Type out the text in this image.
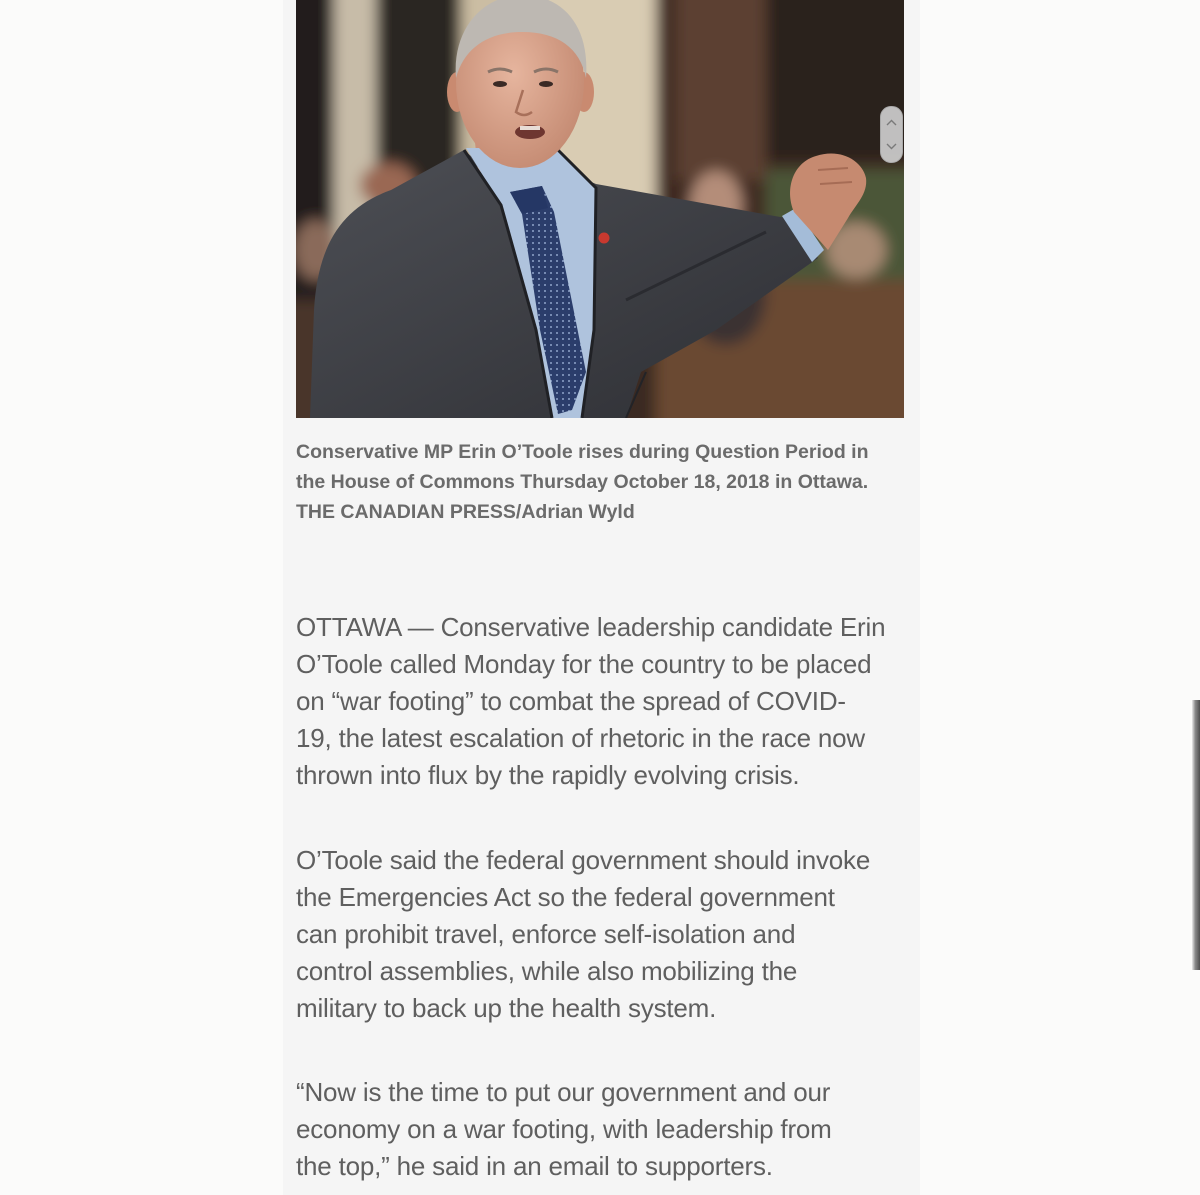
Conservative MP Erin O’Toole rises during Question Period in
the House of Commons Thursday October 18, 2018 in Ottawa.
THE CANADIAN PRESS/Adrian Wyld
OTTAWA — Conservative leadership candidate Erin
O’Toole called Monday for the country to be placed
on “war footing” to combat the spread of COVID-
19, the latest escalation of rhetoric in the race now
thrown into flux by the rapidly evolving crisis.
O’Toole said the federal government should invoke
the Emergencies Act so the federal government
can prohibit travel, enforce self-isolation and
control assemblies, while also mobilizing the
military to back up the health system.
“Now is the time to put our government and our
economy on a war footing, with leadership from
the top,” he said in an email to supporters.
